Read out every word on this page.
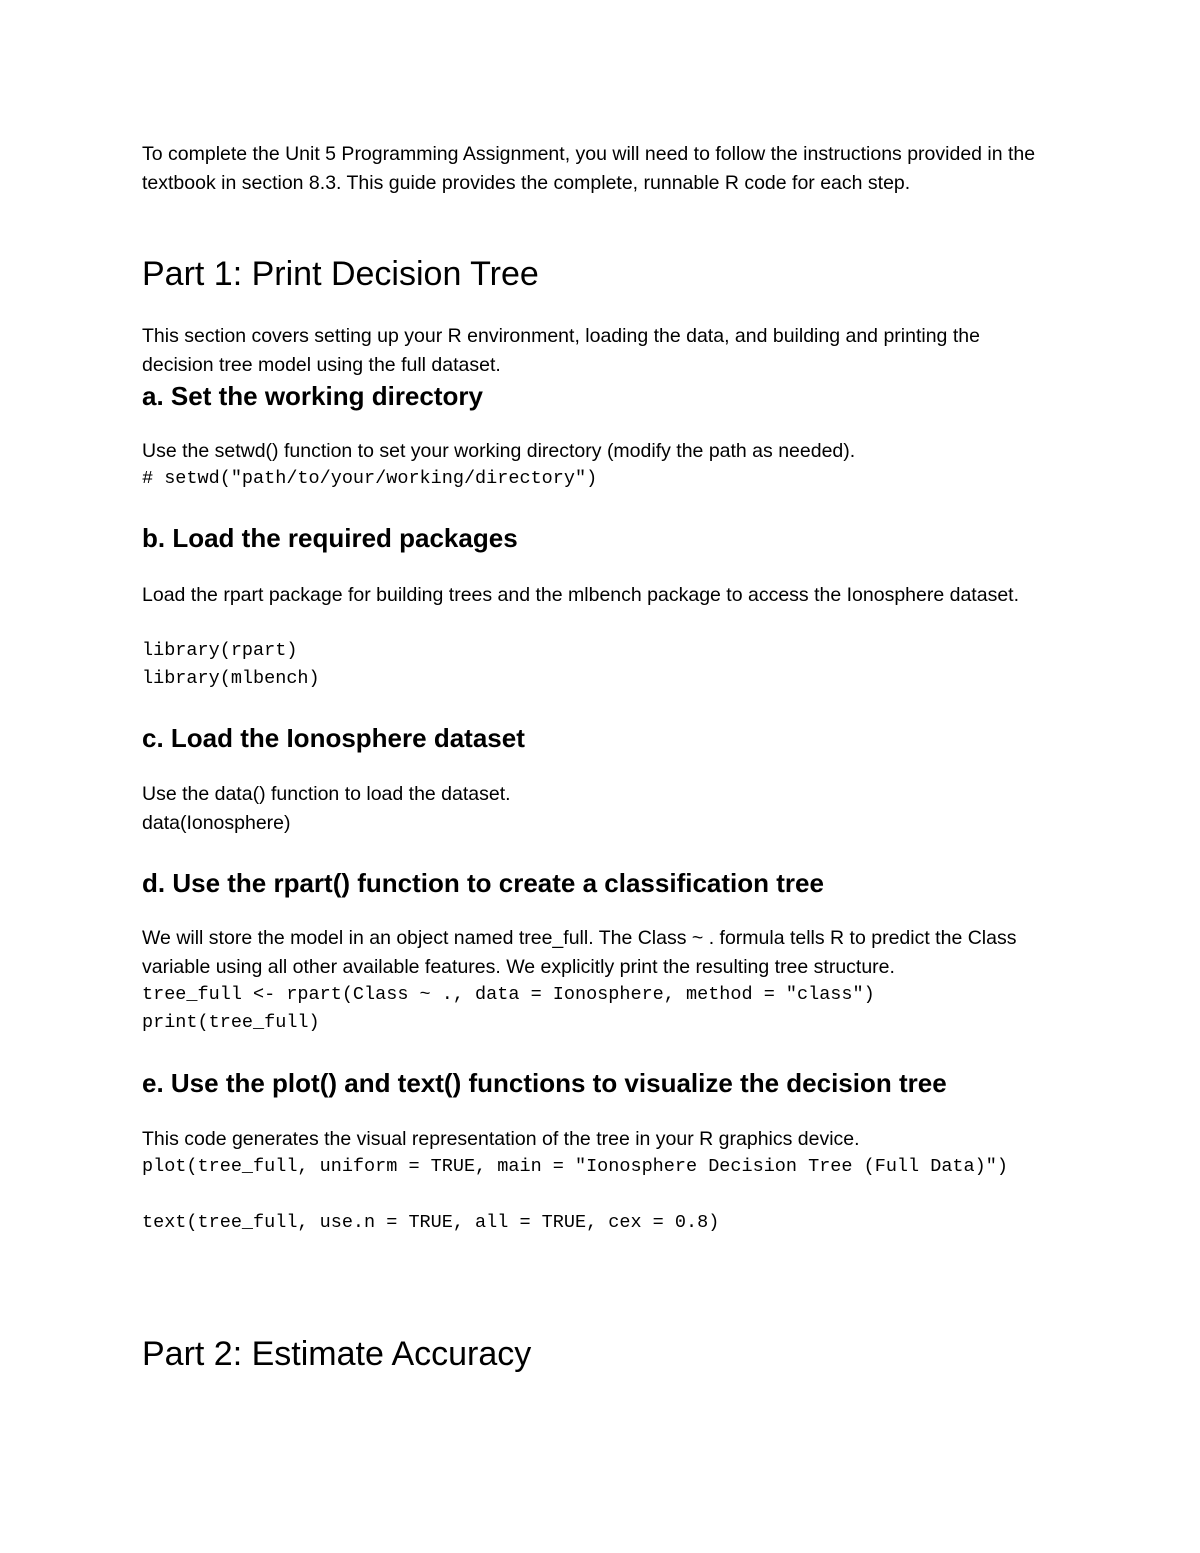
To complete the Unit 5 Programming Assignment, you will need to follow the instructions provided in the textbook in section 8.3. This guide provides the complete, runnable R code for each step.

Part 1: Print Decision Tree

This section covers setting up your R environment, loading the data, and building and printing the decision tree model using the full dataset.

a. Set the working directory

Use the setwd() function to set your working directory (modify the path as needed).

# setwd("path/to/your/working/directory")
b. Load the required packages

Load the rpart package for building trees and the mlbench package to access the Ionosphere dataset.

library(rpart)
library(mlbench)
c. Load the Ionosphere dataset

Use the data() function to load the dataset.

data(Ionosphere)

d. Use the rpart() function to create a classification tree

We will store the model in an object named tree_full. The Class ~ . formula tells R to predict the Class variable using all other available features. We explicitly print the resulting tree structure.

tree_full <- rpart(Class ~ ., data = Ionosphere, method = "class")
print(tree_full)
e. Use the plot() and text() functions to visualize the decision tree

This code generates the visual representation of the tree in your R graphics device.

plot(tree_full, uniform = TRUE, main = "Ionosphere Decision Tree (Full Data)")
text(tree_full, use.n = TRUE, all = TRUE, cex = 0.8)
Part 2: Estimate Accuracy
